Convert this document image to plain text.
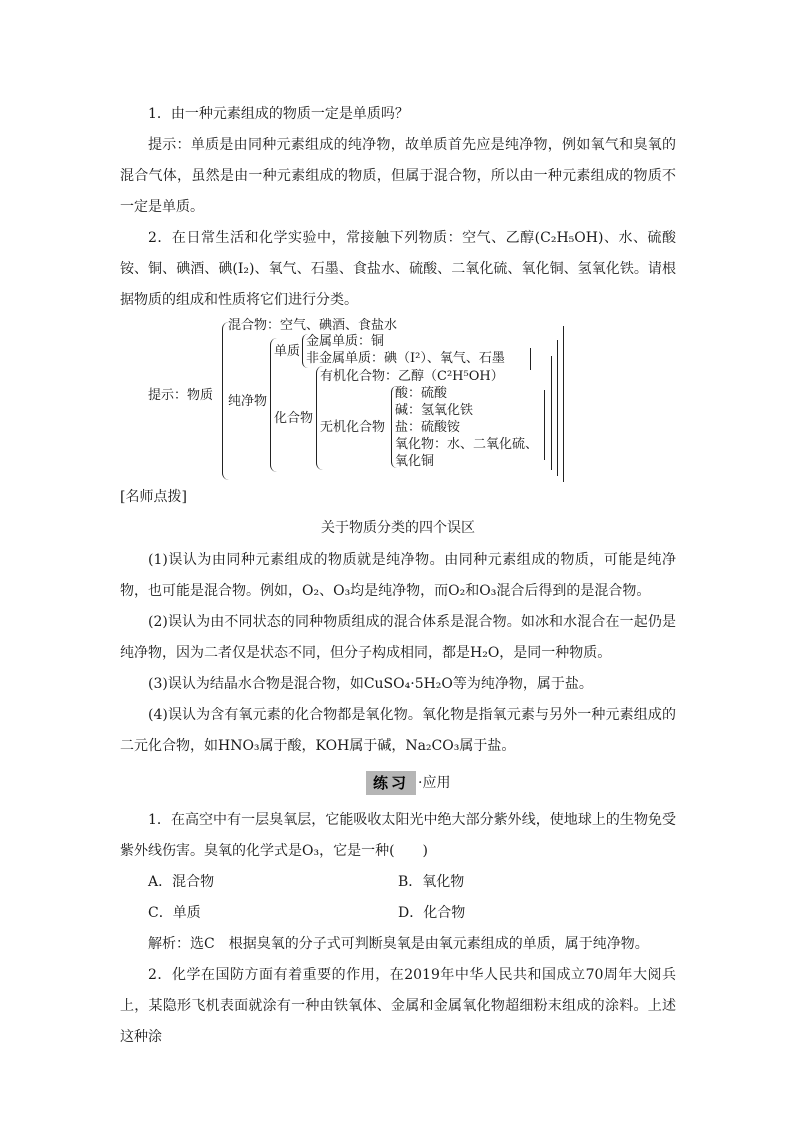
1．由一种元素组成的物质一定是单质吗？

提示：单质是由同种元素组成的纯净物，故单质首先应是纯净物，例如氧气和臭氧的混合气体，虽然是由一种元素组成的物质，但属于混合物，所以由一种元素组成的物质不一定是单质。

2．在日常生活和化学实验中，常接触下列物质：空气、乙醇(C₂H₅OH)、水、硫酸铵、铜、碘酒、碘(I₂)、氧气、石墨、食盐水、硫酸、二氧化硫、氧化铜、氢氧化铁。请根据物质的组成和性质将它们进行分类。

提示：物质
混合物：空气、碘酒、食盐水
纯净物
单质
金属单质：铜
非金属单质：碘（I²）、氧气、石墨
化合物
有机化合物：乙醇（C²H⁵OH）
无机化合物
酸：硫酸
碱：氢氧化铁
盐：硫酸铵
氧化物：水、二氧化硫、
氧化铜

[名师点拨]

关于物质分类的四个误区

(1)误认为由同种元素组成的物质就是纯净物。由同种元素组成的物质，可能是纯净物，也可能是混合物。例如，O₂、O₃均是纯净物，而O₂和O₃混合后得到的是混合物。

(2)误认为由不同状态的同种物质组成的混合体系是混合物。如冰和水混合在一起仍是纯净物，因为二者仅是状态不同，但分子构成相同，都是H₂O，是同一种物质。

(3)误认为结晶水合物是混合物，如CuSO₄·5H₂O等为纯净物，属于盐。

(4)误认为含有氧元素的化合物都是氧化物。氧化物是指氧元素与另外一种元素组成的二元化合物，如HNO₃属于酸，KOH属于碱，Na₂CO₃属于盐。

练习 ·应用

1．在高空中有一层臭氧层，它能吸收太阳光中绝大部分紫外线，使地球上的生物免受紫外线伤害。臭氧的化学式是O₃，它是一种(　　)

A．混合物	B．氧化物
C．单质	D．化合物

解析：选C　根据臭氧的分子式可判断臭氧是由氧元素组成的单质，属于纯净物。

2．化学在国防方面有着重要的作用，在2019年中华人民共和国成立70周年大阅兵上，某隐形飞机表面就涂有一种由铁氧体、金属和金属氧化物超细粉末组成的涂料。上述这种涂
